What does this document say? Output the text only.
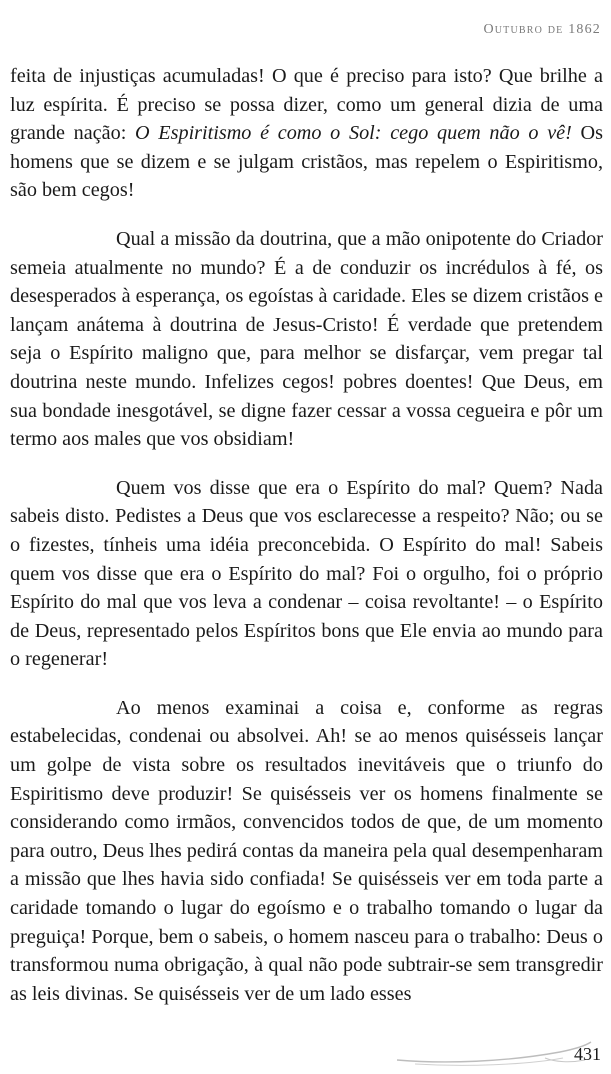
Outubro de 1862

feita de injustiças acumuladas! O que é preciso para isto? Que brilhe a luz espírita. É preciso se possa dizer, como um general dizia de uma grande nação: O Espiritismo é como o Sol: cego quem não o vê! Os homens que se dizem e se julgam cristãos, mas repelem o Espiritismo, são bem cegos!

Qual a missão da doutrina, que a mão onipotente do Criador semeia atualmente no mundo? É a de conduzir os incrédulos à fé, os desesperados à esperança, os egoístas à caridade. Eles se dizem cristãos e lançam anátema à doutrina de Jesus-Cristo! É verdade que pretendem seja o Espírito maligno que, para melhor se disfarçar, vem pregar tal doutrina neste mundo. Infelizes cegos! pobres doentes! Que Deus, em sua bondade inesgotável, se digne fazer cessar a vossa cegueira e pôr um termo aos males que vos obsidiam!

Quem vos disse que era o Espírito do mal? Quem? Nada sabeis disto. Pedistes a Deus que vos esclarecesse a respeito? Não; ou se o fizestes, tínheis uma idéia preconcebida. O Espírito do mal! Sabeis quem vos disse que era o Espírito do mal? Foi o orgulho, foi o próprio Espírito do mal que vos leva a condenar – coisa revoltante! – o Espírito de Deus, representado pelos Espíritos bons que Ele envia ao mundo para o regenerar!

Ao menos examinai a coisa e, conforme as regras estabelecidas, condenai ou absolvei. Ah! se ao menos quisésseis lançar um golpe de vista sobre os resultados inevitáveis que o triunfo do Espiritismo deve produzir! Se quisésseis ver os homens finalmente se considerando como irmãos, convencidos todos de que, de um momento para outro, Deus lhes pedirá contas da maneira pela qual desempenharam a missão que lhes havia sido confiada! Se quisésseis ver em toda parte a caridade tomando o lugar do egoísmo e o trabalho tomando o lugar da preguiça! Porque, bem o sabeis, o homem nasceu para o trabalho: Deus o transformou numa obrigação, à qual não pode subtrair-se sem transgredir as leis divinas. Se quisésseis ver de um lado esses

431
